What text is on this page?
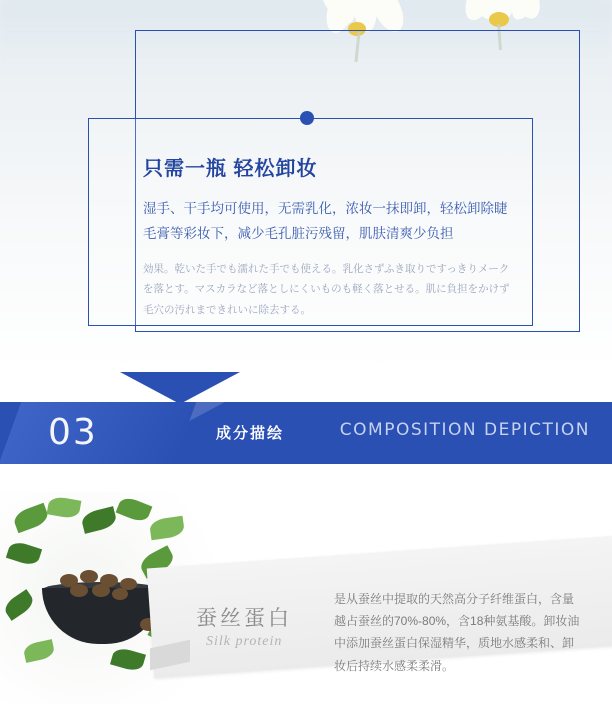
只需一瓶 轻松卸妆

湿手、干手均可使用，无需乳化，浓妆一抹即卸，轻松卸除睫毛膏等彩妆下，减少毛孔脏污残留，肌肤清爽少负担

効果。乾いた手でも濡れた手でも使える。乳化さずふき取りですっきりメークを落とす。マスカラなど落としにくいものも軽く落とせる。肌に負担をかけず毛穴の汚れまできれいに除去する。

03	成分描绘	COMPOSITION DEPICTION
蚕丝蛋白
Silk protein
是从蚕丝中提取的天然高分子纤维蛋白，含量越占蚕丝的70%-80%，含18种氨基酸。卸妆油中添加蚕丝蛋白保湿精华，质地水感柔和、卸妆后持续水感柔柔滑。
